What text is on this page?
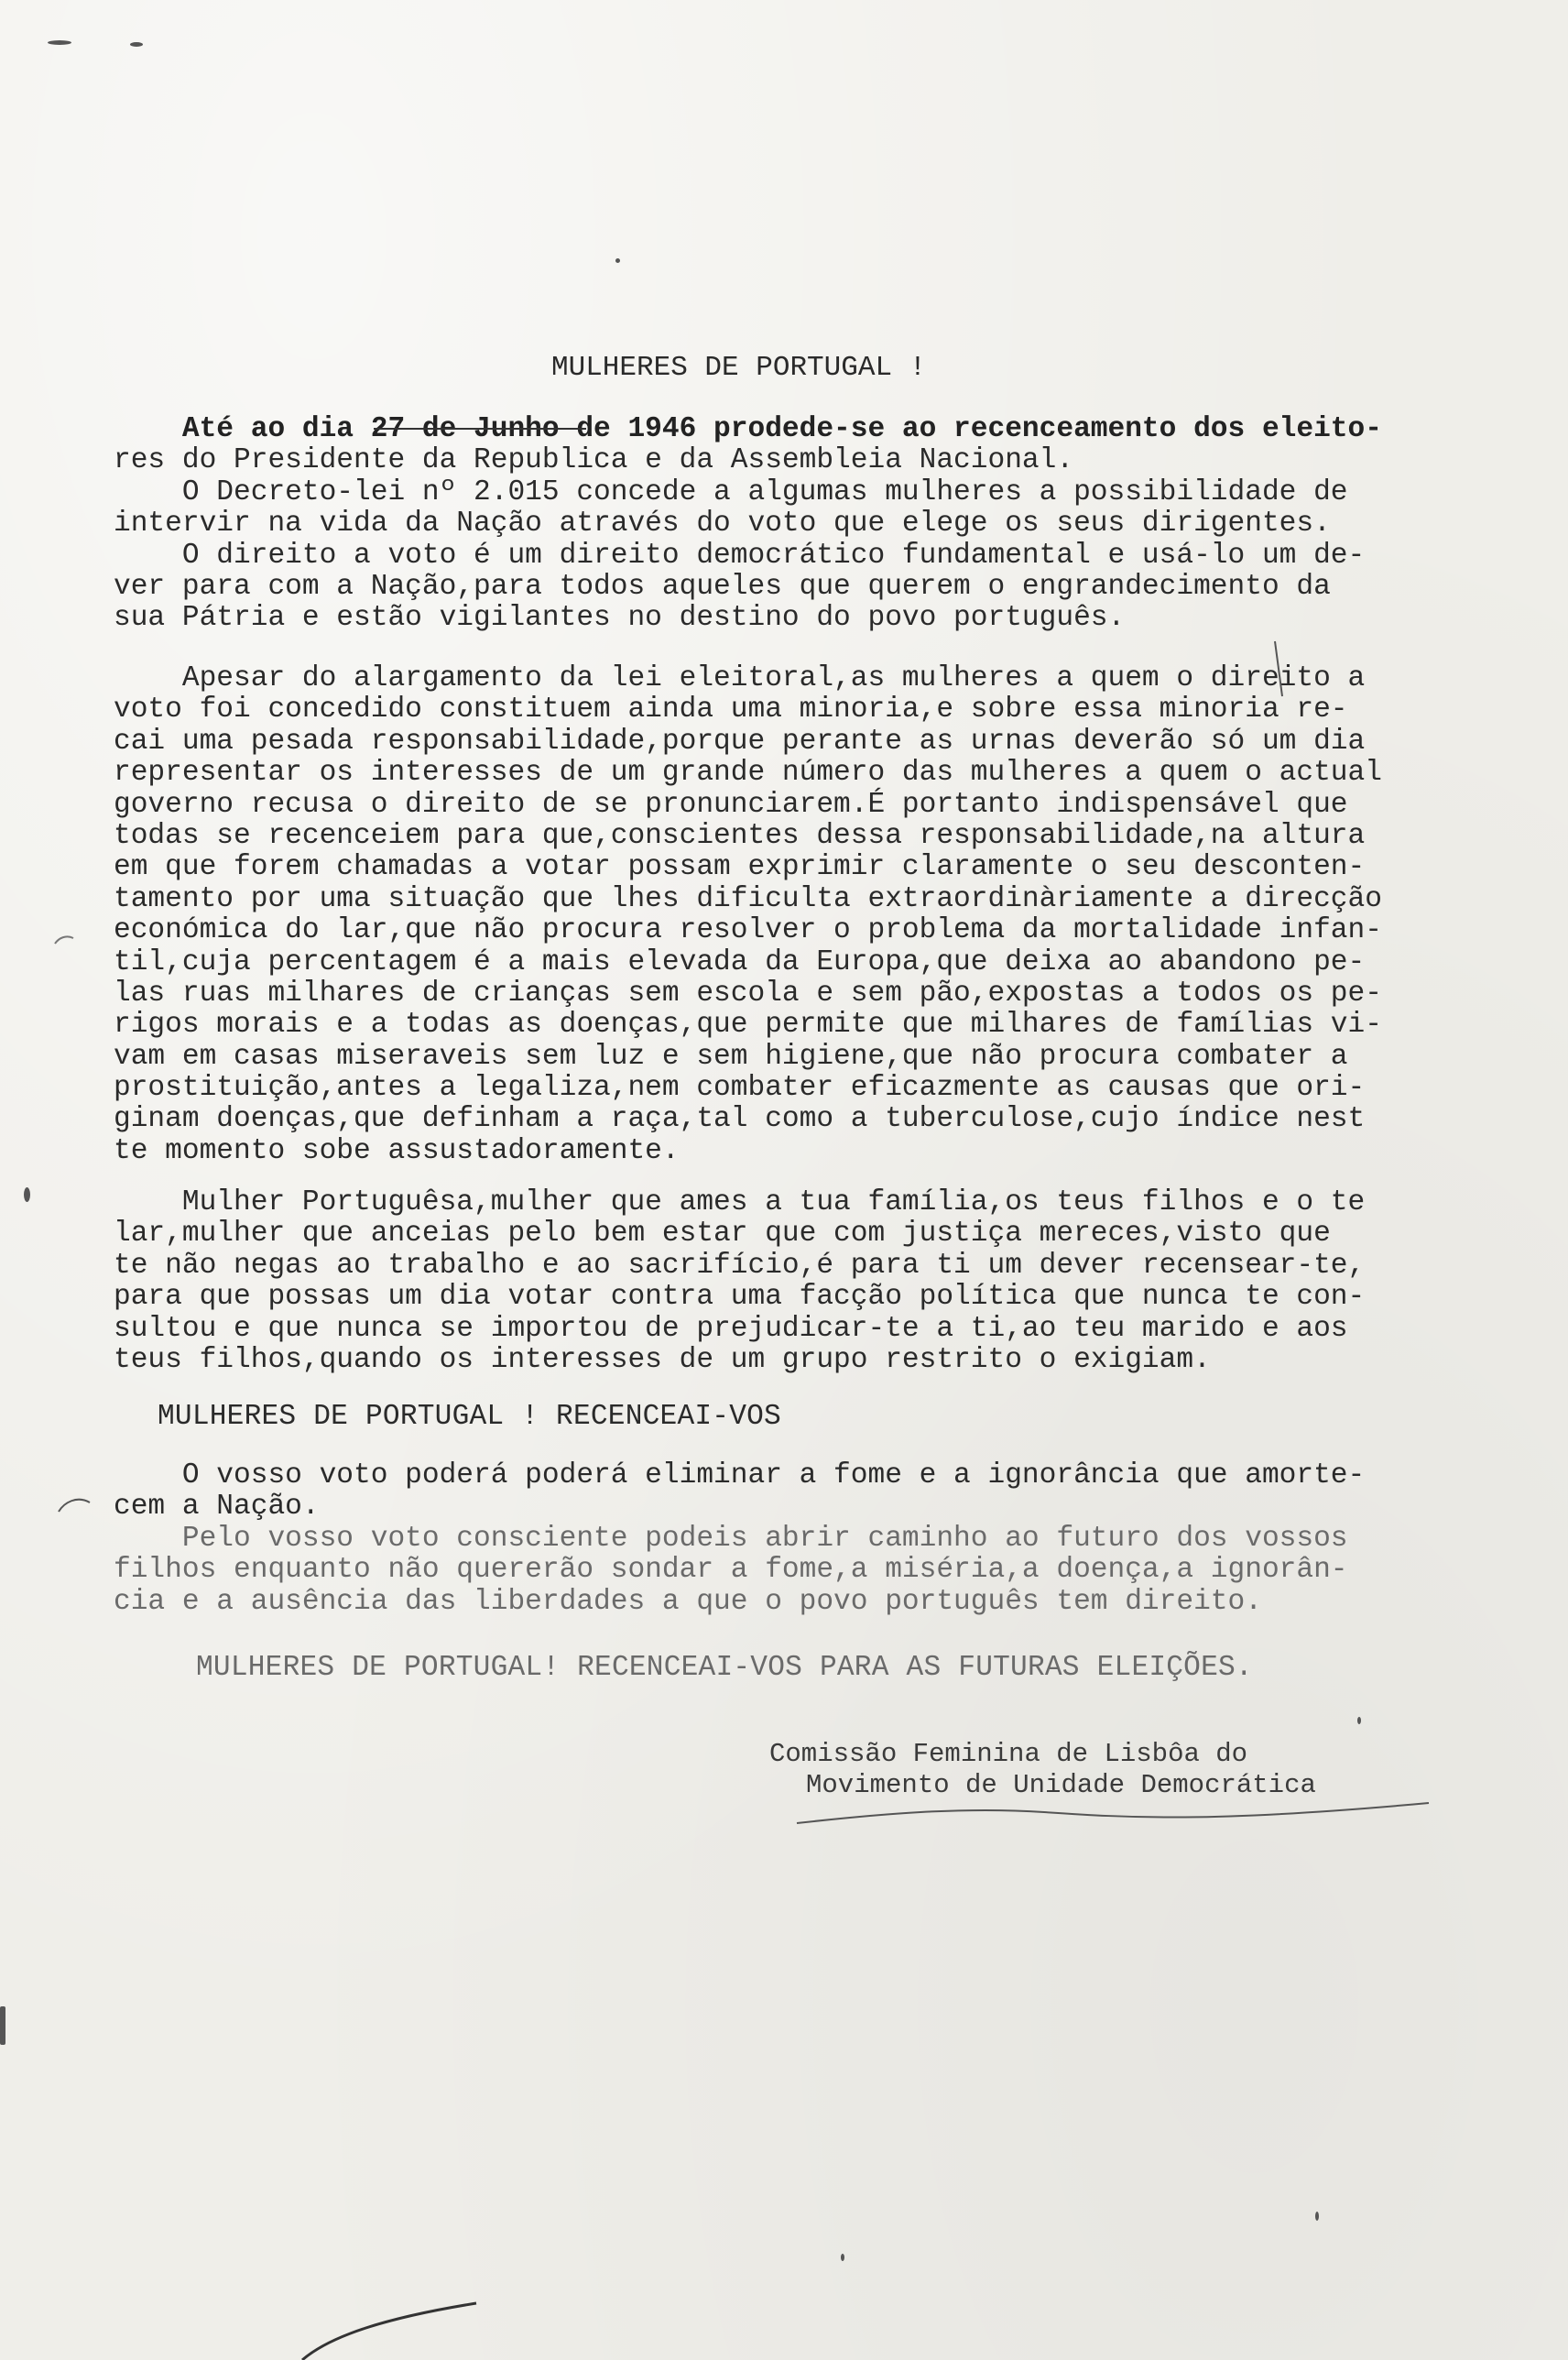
MULHERES DE PORTUGAL !
Até ao dia 27 de Junho de 1946 prodede-se ao recenceamento dos eleito-
res do Presidente da Republica e da Assembleia Nacional.
O Decreto-lei nº 2.015 concede a algumas mulheres a possibilidade de
intervir na vida da Nação através do voto que elege os seus dirigentes.
O direito a voto é um direito democrático fundamental e usá-lo um de-
ver para com a Nação,para todos aqueles que querem o engrandecimento da
sua Pátria e estão vigilantes no destino do povo português.
Apesar do alargamento da lei eleitoral,as mulheres a quem o direito a
voto foi concedido constituem ainda uma minoria,e sobre essa minoria re-
cai uma pesada responsabilidade,porque perante as urnas deverão só um dia
representar os interesses de um grande número das mulheres a quem o actual
governo recusa o direito de se pronunciarem.É portanto indispensável que
todas se recenceiem para que,conscientes dessa responsabilidade,na altura
em que forem chamadas a votar possam exprimir claramente o seu desconten-
tamento por uma situação que lhes dificulta extraordinàriamente a direcção
económica do lar,que não procura resolver o problema da mortalidade infan-
til,cuja percentagem é a mais elevada da Europa,que deixa ao abandono pe-
las ruas milhares de crianças sem escola e sem pão,expostas a todos os pe-
rigos morais e a todas as doenças,que permite que milhares de famílias vi-
vam em casas miseraveis sem luz e sem higiene,que não procura combater a
prostituição,antes a legaliza,nem combater eficazmente as causas que ori-
ginam doenças,que definham a raça,tal como a tuberculose,cujo índice nest
te momento sobe assustadoramente.
Mulher Portuguêsa,mulher que ames a tua família,os teus filhos e o te
lar,mulher que anceias pelo bem estar que com justiça mereces,visto que
te não negas ao trabalho e ao sacrifício,é para ti um dever recensear-te,
para que possas um dia votar contra uma facção política que nunca te con-
sultou e que nunca se importou de prejudicar-te a ti,ao teu marido e aos
teus filhos,quando os interesses de um grupo restrito o exigiam.
MULHERES DE PORTUGAL ! RECENCEAI-VOS
O vosso voto poderá poderá eliminar a fome e a ignorância que amorte-
cem a Nação.
Pelo vosso voto consciente podeis abrir caminho ao futuro dos vossos
filhos enquanto não quererão sondar a fome,a miséria,a doença,a ignorân-
cia e a ausência das liberdades a que o povo português tem direito.
MULHERES DE PORTUGAL! RECENCEAI-VOS PARA AS FUTURAS ELEIÇÕES.
Comissão Feminina de Lisbôa do
Movimento de Unidade Democrática
